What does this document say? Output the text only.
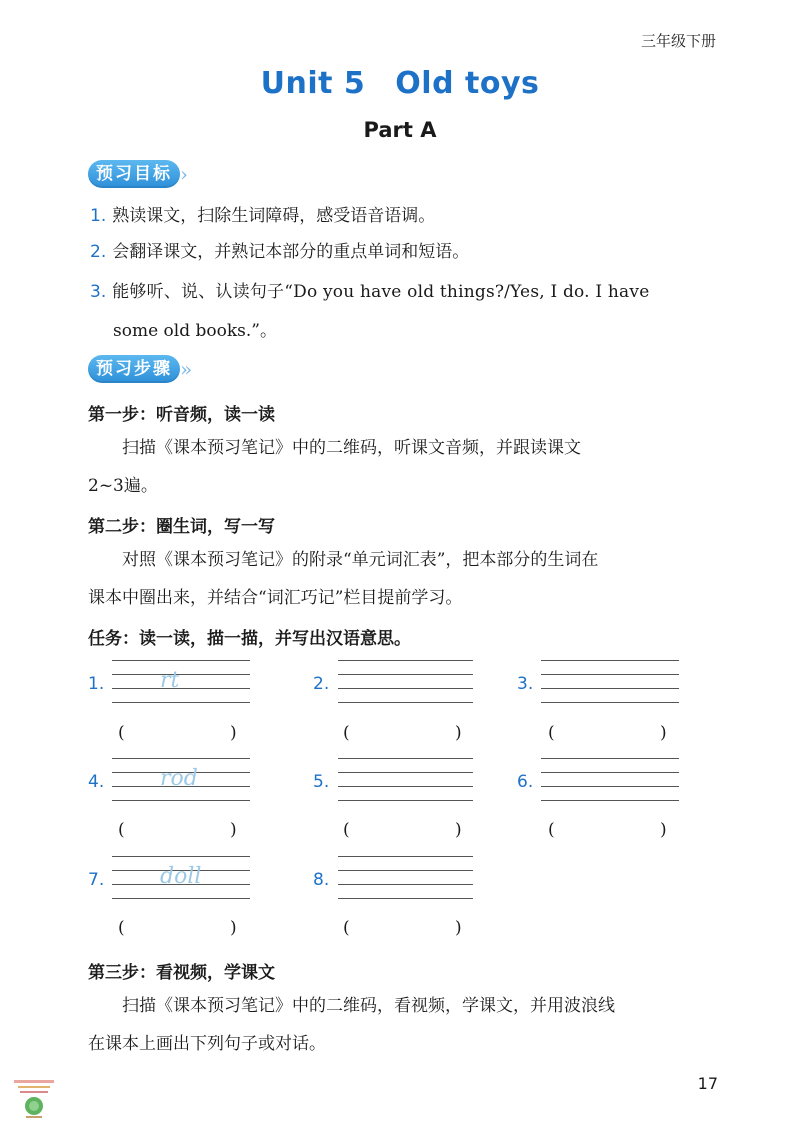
三年级下册
Unit 5 Old toys
Part A
预习目标 ›
1. 熟读课文，扫除生词障碍，感受语音语调。
2. 会翻译课文，并熟记本部分的重点单词和短语。
3. 能够听、说、认读句子“Do you have old things?/Yes, I do. I have
some old books.”。
预习步骤 »
第一步：听音频，读一读
扫描《课本预习笔记》中的二维码，听课文音频，并跟读课文
2~3遍。
第二步：圈生词，写一写
对照《课本预习笔记》的附录“单元词汇表”，把本部分的生词在
课本中圈出来，并结合“词汇巧记”栏目提前学习。
任务：读一读，描一描，并写出汉语意思。
1.	rt
(	)
2.
(	)
3.
(	)
4.	rod
(	)
5.
(	)
6.
(	)
7.	doll
(	)
8.
(	)
第三步：看视频，学课文
扫描《课本预习笔记》中的二维码，看视频，学课文，并用波浪线
在课本上画出下列句子或对话。
17
